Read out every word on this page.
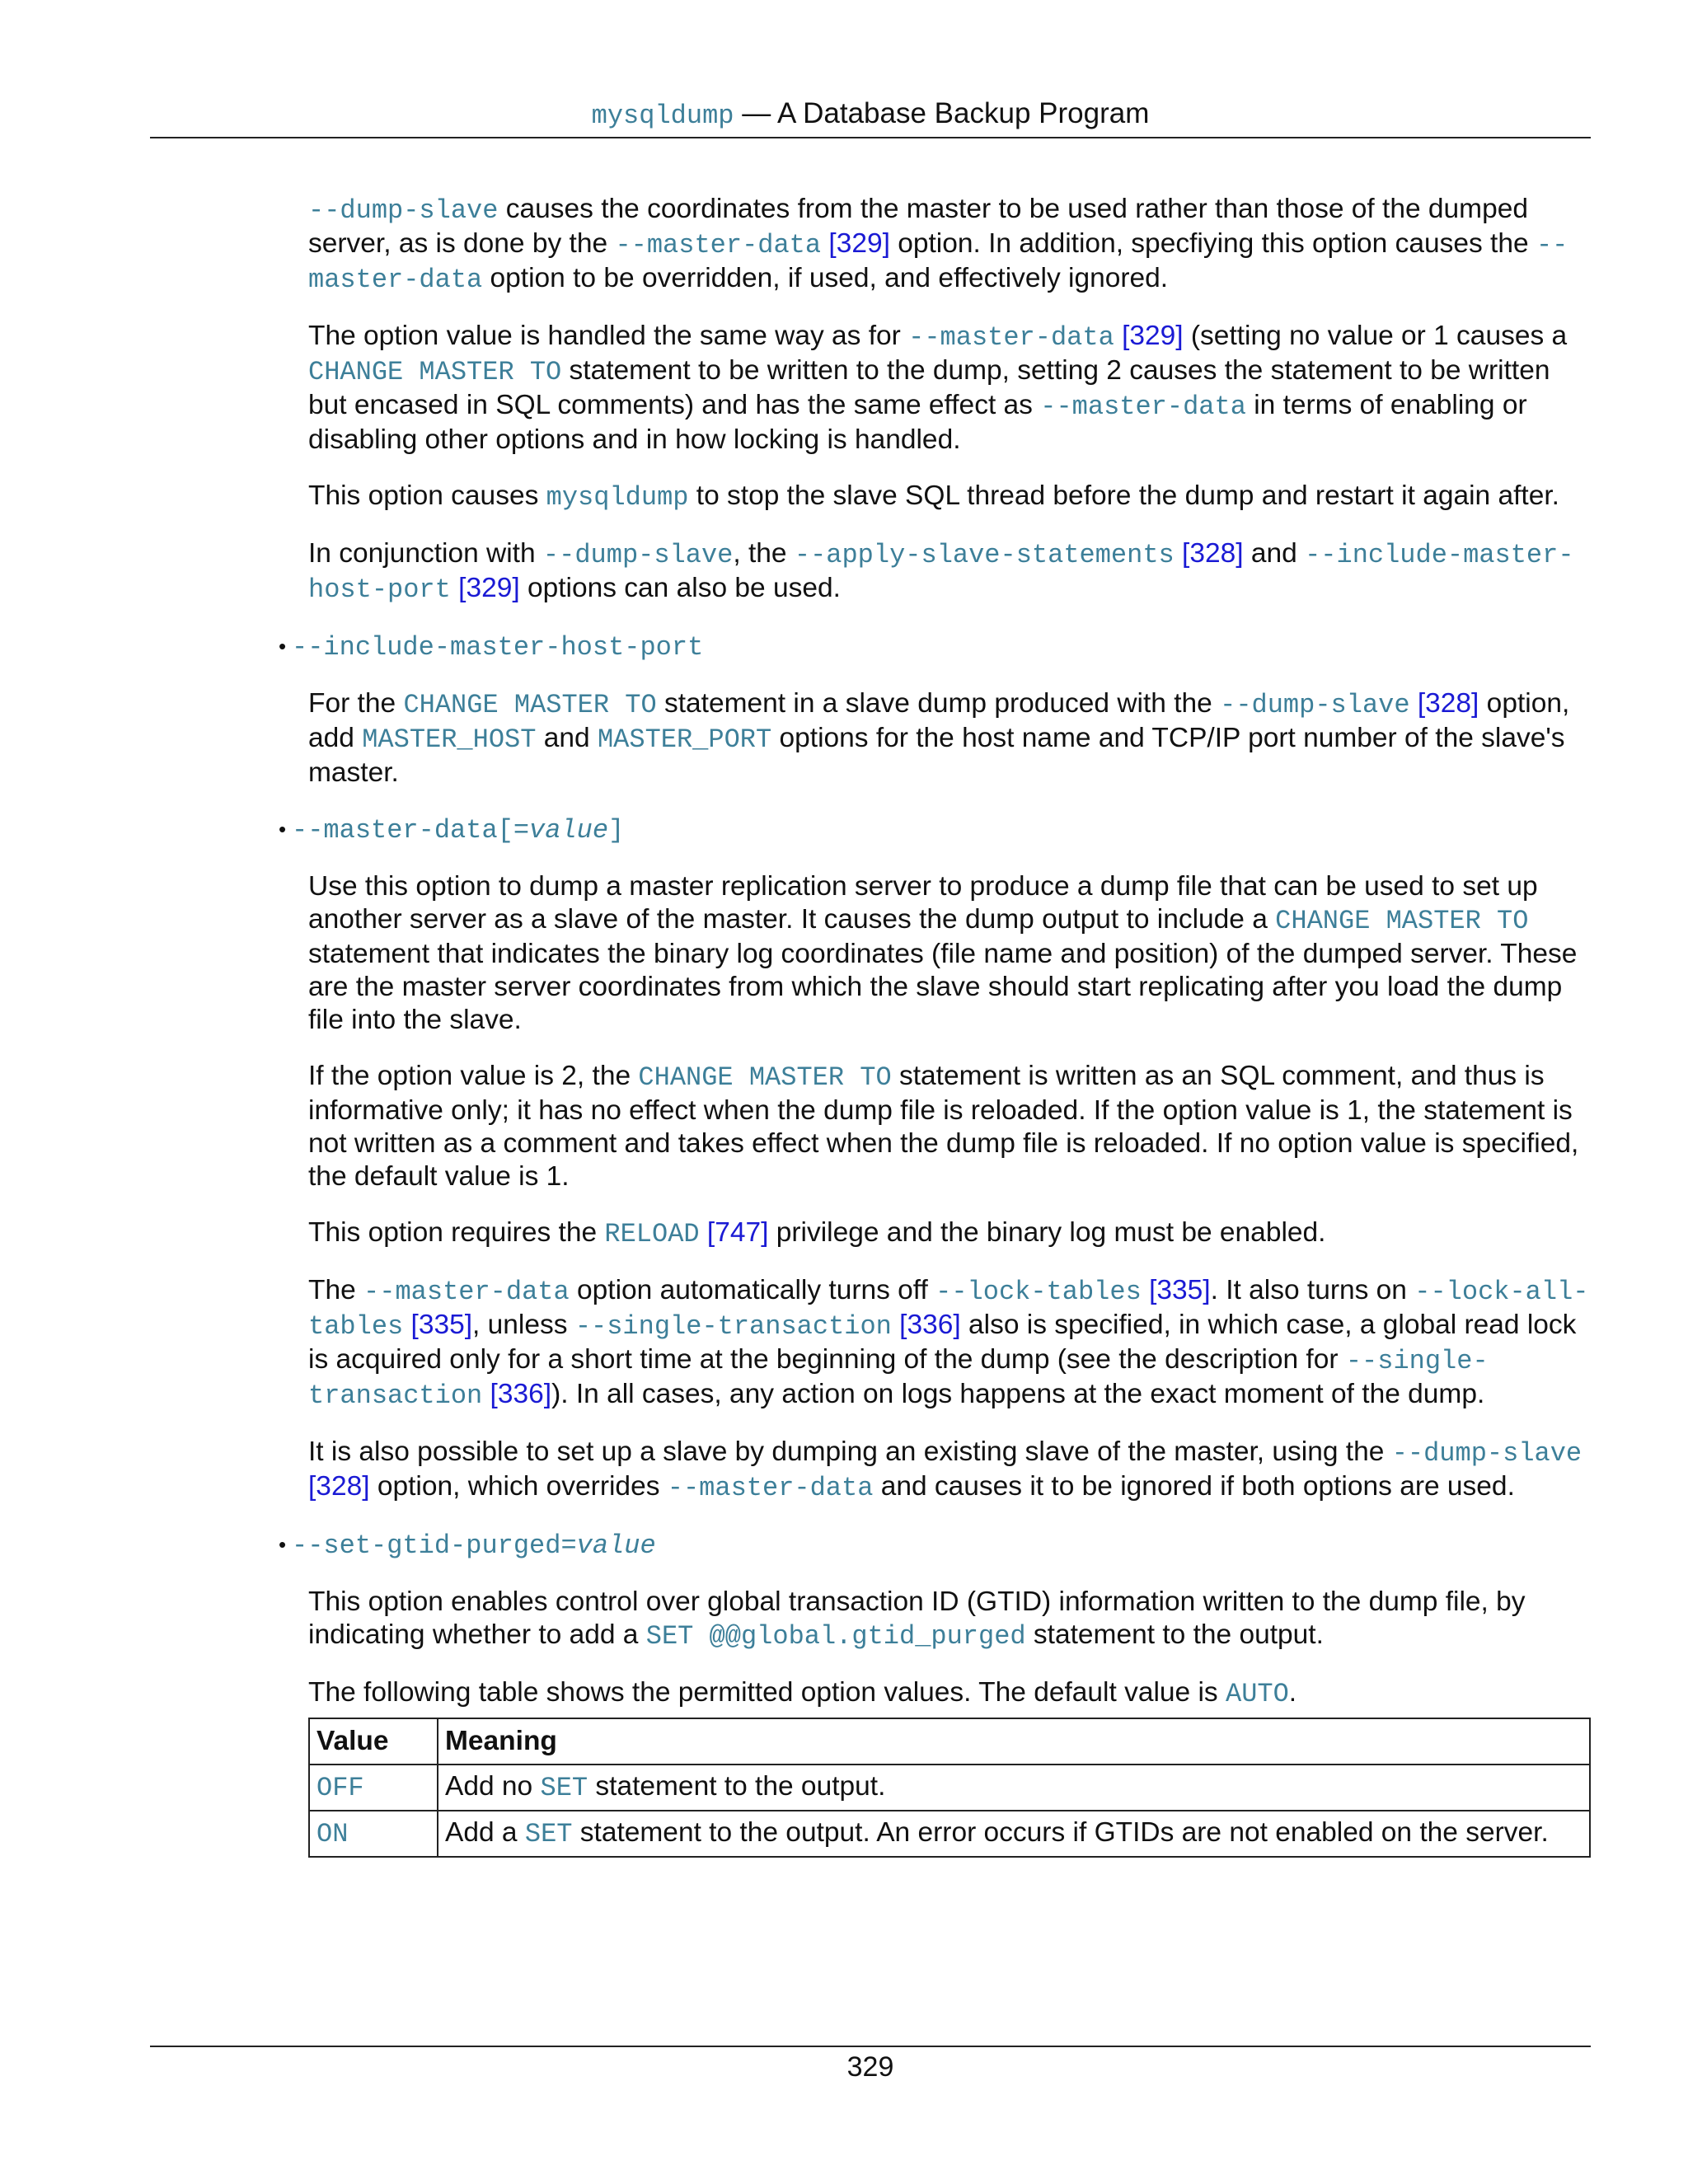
mysqldump — A Database Backup Program

--dump-slave causes the coordinates from the master to be used rather than those of the dumped server, as is done by the --master-data [329] option. In addition, specfiying this option causes the --master-data option to be overridden, if used, and effectively ignored.

The option value is handled the same way as for --master-data [329] (setting no value or 1 causes a CHANGE MASTER TO statement to be written to the dump, setting 2 causes the statement to be written but encased in SQL comments) and has the same effect as --master-data in terms of enabling or disabling other options and in how locking is handled.

This option causes mysqldump to stop the slave SQL thread before the dump and restart it again after.

In conjunction with --dump-slave, the --apply-slave-statements [328] and --include-master-host-port [329] options can also be used.

• --include-master-host-port

For the CHANGE MASTER TO statement in a slave dump produced with the --dump-slave [328] option, add MASTER_HOST and MASTER_PORT options for the host name and TCP/IP port number of the slave's master.

• --master-data[=value]

Use this option to dump a master replication server to produce a dump file that can be used to set up another server as a slave of the master. It causes the dump output to include a CHANGE MASTER TO statement that indicates the binary log coordinates (file name and position) of the dumped server. These are the master server coordinates from which the slave should start replicating after you load the dump file into the slave.

If the option value is 2, the CHANGE MASTER TO statement is written as an SQL comment, and thus is informative only; it has no effect when the dump file is reloaded. If the option value is 1, the statement is not written as a comment and takes effect when the dump file is reloaded. If no option value is specified, the default value is 1.

This option requires the RELOAD [747] privilege and the binary log must be enabled.

The --master-data option automatically turns off --lock-tables [335]. It also turns on --lock-all-tables [335], unless --single-transaction [336] also is specified, in which case, a global read lock is acquired only for a short time at the beginning of the dump (see the description for --single-transaction [336]). In all cases, any action on logs happens at the exact moment of the dump.

It is also possible to set up a slave by dumping an existing slave of the master, using the --dump-slave [328] option, which overrides --master-data and causes it to be ignored if both options are used.

• --set-gtid-purged=value

This option enables control over global transaction ID (GTID) information written to the dump file, by indicating whether to add a SET @@global.gtid_purged statement to the output.

The following table shows the permitted option values. The default value is AUTO.

Value	Meaning
OFF	Add no SET statement to the output.
ON	Add a SET statement to the output. An error occurs if GTIDs are not enabled on the server.
329
